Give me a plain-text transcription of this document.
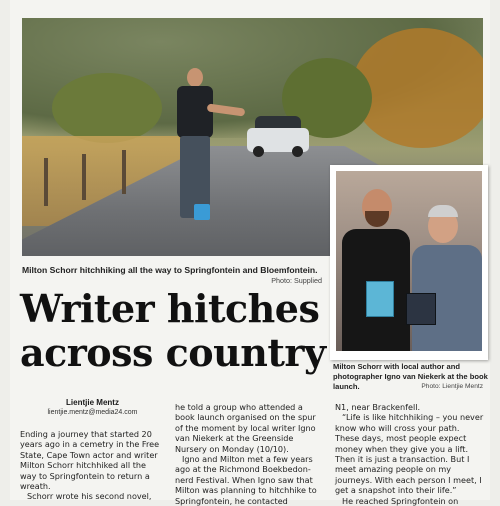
Milton Schorr hitchhiking all the way to Springfontein and Bloemfontein.
Photo: Supplied
Milton Schorr with local author and photographer Igno van Niekerk at the book launch.	Photo: Lientjie Mentz
Writer hitches
across country
Lientjie Mentz
lientjie.mentz@media24.com

Ending a journey that started 20 years ago in a cemetry in the Free State, Cape Town actor and writer Milton Schorr hitchhiked all the way to Springfontein to return a wreath.

Schorr wrote his second novel,

he told a group who attended a book launch organised on the spur of the moment by local writer Igno van Niekerk at the Greenside Nursery on Monday (10/10).

Igno and Milton met a few years ago at the Richmond Boekbedon-nerd Festival. When Igno saw that Milton was planning to hitchhike to Springfontein, he contacted

N1, near Brackenfell.

“Life is like hitchhiking – you never know who will cross your path. These days, most people expect money when they give you a lift. Then it is just a transaction. But I meet amazing people on my journeys. With each person I meet, I get a snapshot into their life.”

He reached Springfontein on
